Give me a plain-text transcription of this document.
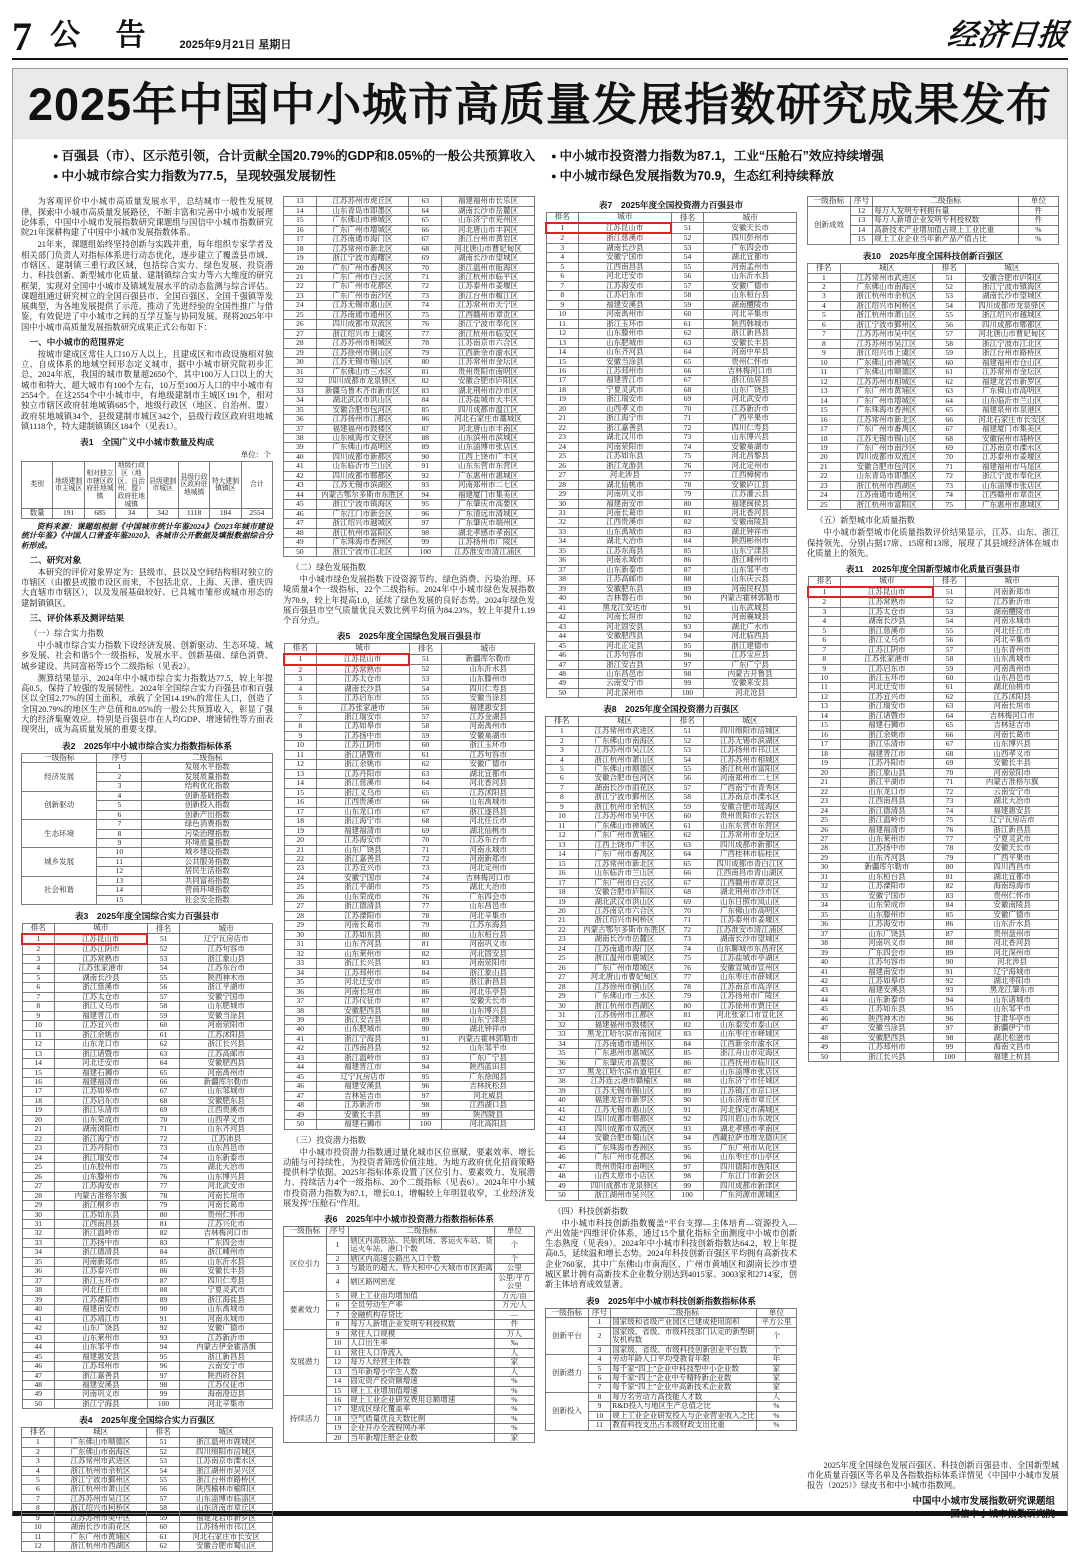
7 公 告 2025年9月21日 星期日	经济日报
2025年中国中小城市高质量发展指数研究成果发布
● 百强县（市）、区示范引领，合计贡献全国20.79%的GDP和8.05%的一般公共预算收入	● 中小城市投资潜力指数为87.1，工业“压舱石”效应持续增强
● 中小城市综合实力指数为77.5，呈现较强发展韧性	● 中小城市绿色发展指数为70.9，生态红利持续释放
为客观评价中小城市高质量发展水平，总结城市一般性发展规律，探索中小城市高质量发展路径，不断丰富和完善中小城市发展理论体系，中国中小城市发展指数研究课题组与国信中小城市指数研究院21年深耕构建了中国中小城市发展指数体系。
21年来，课题组始终坚持创新与实践并重，每年组织专家学者及相关部门负责人对指标体系进行动态优化，逐步建立了覆盖县市域、市辖区、建制镇三重行政区域，包括综合实力、绿色发展、投资潜力、科技创新、新型城市化质量、建制镇综合实力等六大维度的研究框架，实现对全国中小城市及镇域发展水平的动态监测与综合评估。课题组通过研究树立的全国百强县市、全国百强区、全国千强镇等发展典型，为各地发展提供了示范，推动了先进经验的全国性推广与借鉴，有效促进了中小城市之间的互学互鉴与协同发展。现将2025年中国中小城市高质量发展指数研究成果正式公布如下：
一、中小城市的范围界定
按城市建成区常住人口10万人以上，且建成区和市政设施相对独立、自成体系的地域空间形态定义城市，据中小城市研究院初步汇总，2024年底，我国的城市数量超2650个，其中100万人口以上的大城市和特大、超大城市有100个左右，10万至100万人口的中小城市有2554个。在这2554个中小城市中，有地级建制市主城区191个，相对独立市辖区政府驻地城镇685个，地级行政区（地区、自治州、盟）政府驻地城镇34个，县级建制市城区342个，县级行政区政府驻地城镇1118个，特大建制镇镇区184个（见表1）。
表1　全国广义中小城市数量及构成
单位：个
类别	地级建制市主城区	相对独立市辖区政府驻地城镇	地级行政区（地区、自治州、盟）政府驻地城镇	县级建制市城区	县级行政区政府驻地城镇	特大建制镇镇区	合计
数量	191	685	34	342	1118	184	2554
资料来源：课题组根据《中国城市统计年鉴2024》《2023年城市建设统计年鉴》《中国人口普查年鉴2020》、各城市公开数据及填报数据综合分析形成。
二、研究对象
本研究的评价对象界定为：县级市、县以及空间结构相对独立的市辖区（由撤县或撤市设区而来，不包括北京、上海、天津、重庆四大直辖市市辖区），以及发展基础较好、已具城市雏形或城市形态的建制镇镇区。
三、评价体系及测评结果
（一）综合实力指数
中小城市综合实力指数下设经济发展、创新驱动、生态环境、城乡发展、社会和谐5个一级指标，发展水平、创新基础、绿色消费、城乡建设、共同富裕等15个二级指标（见表2）。
测算结果显示，2024年中小城市综合实力指数达77.5，较上年提高0.5，保持了较强的发展韧性。2024年全国综合实力百强县市和百强区以全国2.77%的国土面积，承载了全国14.19%的常住人口，创造了全国20.79%的地区生产总值和8.05%的一般公共预算收入，彰显了强大的经济集聚效应。特别是百强县市在人均GDP、增速韧性等方面表现突出，成为高质量发展的重要支撑。
表2　2025年中小城市综合实力指数指标体系
一级指标	序号	二级指标
经济发展	1	发展水平指数
	2	发展质量指数
	3	结构优化指数
创新驱动	4	创新基础指数
	5	创新投入指数
	6	创新产出指数
生态环境	7	绿色消费指数
	8	污染治理指数
	9	环境质量指数
城乡发展	10	城乡建设指数
	11	公共服务指数
	12	居民生活指数
社会和谐	13	共同富裕指数
	14	营商环境指数
	15	社会安全指数
表3　2025年度全国综合实力百强县市
排名	城市	排名	城市
1	江苏昆山市	51	辽宁瓦房店市
2	江苏江阴市	52	江苏句容市
3	江苏常熟市	53	浙江象山县
4	江苏张家港市	54	江苏东台市
5	湖南长沙县	55	陕西神木市
6	浙江慈溪市	56	浙江平湖市
7	江苏太仓市	57	安徽宁国市
8	浙江义乌市	58	山东肥城市
9	福建晋江市	59	安徽当涂县
10	江苏宜兴市	60	河南荥阳市
11	浙江余姚市	61	江苏沭阳县
12	山东龙口市	62	浙江长兴县
13	浙江诸暨市	63	江苏高邮市
14	河北迁安市	64	安徽肥西县
15	福建石狮市	65	河南禹州市
16	福建福清市	66	新疆库尔勒市
17	江苏如皋市	67	山东邹城市
18	江苏启东市	68	安徽肥东县
19	浙江乐清市	69	江西贵溪市
20	山东荣成市	70	山西孝义市
21	湖南浏阳市	71	山东齐河县
22	浙江海宁市	72	江苏沛县
23	江苏丹阳市	73	山东昌邑市
24	浙江瑞安市	74	山东新泰市
25	山东胶州市	75	湖北大冶市
26	山东滕州市	76	山东博兴县
27	江苏海安市	77	河北武安市
28	内蒙古准格尔旗	78	河南长垣市
29	浙江桐乡市	79	河南长葛市
30	江苏如东县	80	贵州仁怀市
31	江西南昌县	81	江苏兴化市
32	浙江温岭市	82	吉林梅河口市
33	江苏扬中市	83	广东四会市
34	浙江德清县	84	浙江嵊州市
35	河南新郑市	85	山东沂水县
36	江苏泰兴市	86	安徽长丰县
37	浙江玉环市	87	四川仁寿县
38	河北任丘市	88	宁夏灵武市
39	江苏溧阳市	89	浙江海盐县
40	福建南安市	90	山东禹城市
41	江苏靖江市	91	河南永城市
42	山东广饶县	92	安徽广德市
43	山东莱州市	93	江苏新沂市
44	山东邹平市	94	内蒙古伊金霍洛旗
45	福建惠安县	95	浙江新昌县
46	江苏邳州市	96	云南安宁市
47	浙江嘉善县	97	陕西府谷县
48	福建安溪县	98	江苏仪征市
49	河南巩义市	99	海南澄迈县
50	浙江宁海县	100	河北辛集市
表4　2025年度全国综合实力百强区
排名	城区	排名	城区
1	广东佛山市顺德区	51	浙江温州市鹿城区
2	广东佛山市南海区	52	四川绵阳市涪城区
3	江苏常州市武进区	53	江苏南京市溧水区
4	浙江杭州市余杭区	54	浙江湖州市吴兴区
5	浙江宁波市鄞州区	55	浙江台州市路桥区
6	浙江杭州市萧山区	56	陕西榆林市榆阳区
7	江苏苏州市吴江区	57	山东淄博市临淄区
8	浙江绍兴市柯桥区	58	山东济南市章丘区
9	江苏苏州市吴中区	59	福建龙岩市新罗区
10	湖南长沙市雨花区	60	江苏扬州市邗江区
11	广东广州市黄埔区	61	河北石家庄市长安区
12	浙江杭州市西湖区	62	安徽合肥市蜀山区
13	江苏苏州市虎丘区	63	福建福州市长乐区
14	山东青岛市即墨区	64	湖南长沙市岳麓区
15	广东佛山市禅城区	65	山东济宁市兖州区
16	广东广州市增城区	66	河北唐山市丰润区
17	江苏南通市海门区	67	浙江台州市黄岩区
18	江苏常州市新北区	68	河北唐山市曹妃甸区
19	浙江宁波市海曙区	69	湖南长沙市望城区
20	广东广州市番禺区	70	浙江温州市瓯海区
21	广东广州市白云区	71	浙江杭州市临平区
22	广东广州市花都区	72	江苏泰州市姜堰区
23	广东广州市南沙区	73	浙江台州市椒江区
24	江苏无锡市惠山区	74	江苏常州市天宁区
25	江苏南通市通州区	75	江西赣州市章贡区
26	四川成都市双流区	76	浙江宁波市奉化区
27	浙江绍兴市上虞区	77	浙江杭州市临安区
28	江苏苏州市相城区	78	江苏南京市六合区
29	江苏徐州市铜山区	79	江西新余市渝水区
30	江苏无锡市锡山区	80	江苏常州市金坛区
31	广东佛山市三水区	81	贵州贵阳市南明区
32	四川成都市龙泉驿区	82	安徽合肥市庐阳区
33	新疆乌鲁木齐市新市区	83	湖北荆州市沙市区
34	湖北武汉市洪山区	84	江苏盐城市大丰区
35	安徽合肥市包河区	85	四川成都市温江区
36	江苏扬州市江都区	86	河北石家庄市藁城区
37	福建福州市鼓楼区	87	河北唐山市丰南区
38	山东威海市文登区	88	山东滨州市滨城区
39	广东佛山市高明区	89	山东淄博市张店区
40	四川成都市新都区	90	江西上饶市广丰区
41	山东临沂市兰山区	91	山东东营市东营区
42	四川成都市郫都区	92	广东惠州市惠城区
43	江苏无锡市滨湖区	93	河南郑州市二七区
44	内蒙古鄂尔多斯市东胜区	94	福建厦门市集美区
45	浙江宁波市镇海区	95	广东肇庆市高要区
46	广东江门市新会区	96	广东清远市清城区
47	浙江绍兴市越城区	97	广东肇庆市端州区
48	浙江杭州市富阳区	98	湖北孝感市孝南区
49	广东珠海市香洲区	99	江苏扬州市广陵区
50	浙江宁波市江北区	100	江苏淮安市清江浦区
（二）绿色发展指数
中小城市绿色发展指数下设资源节约、绿色消费、污染治理、环境质量4个一级指标，22个二级指标。2024年中小城市绿色发展指数为70.9，较上年提高1.0，延续了绿色发展的良好态势。2024年绿色发展百强县市空气质量优良天数比例平均值为84.23%，较上年提升1.19个百分点。
表5　2025年度全国绿色发展百强县市
排名	城市	排名	城市
1	江苏昆山市	51	新疆库尔勒市
2	江苏常熟市	52	山东沂水县
3	江苏太仓市	53	山东滕州市
4	湖南长沙县	54	四川仁寿县
5	江苏启东市	55	安徽当涂县
6	江苏张家港市	56	福建惠安县
7	浙江瑞安市	57	江苏金湖县
8	江苏如皋市	58	河南禹州市
9	江苏扬中市	59	安徽巢湖市
10	江苏江阴市	60	浙江玉环市
11	浙江诸暨市	61	江苏句容市
12	浙江余姚市	62	安徽广德市
13	江苏丹阳市	63	湖北宜都市
14	浙江慈溪市	64	河北香河县
15	浙江义乌市	65	江苏沭阳县
16	江西贵溪市	66	山东禹城市
17	山东龙口市	67	浙江遂昌县
18	浙江海宁市	68	河北任丘市
19	福建福清市	69	湖北仙桃市
20	江苏海安市	70	江苏东台市
21	山东广饶县	71	河南永城市
22	浙江嘉善县	72	河南新郑市
23	江苏宜兴市	73	河北定州市
24	安徽宁国市	74	吉林梅河口市
25	浙江平湖市	75	湖北大冶市
26	山东荣成市	76	广东四会市
27	浙江德清县	77	山东昌邑市
28	江苏溧阳市	78	河北辛集市
29	河南长葛市	79	江苏东海县
30	江苏如东县	80	山东桓台县
31	山东齐河县	81	河南巩义市
32	山东莱州市	82	河北固安县
33	浙江长兴县	83	河南荥阳市
34	江苏邳州市	84	浙江象山县
35	河北迁安市	85	浙江新昌县
36	河南长垣市	86	河北乐亭县
37	江苏仪征市	87	安徽天长市
38	安徽肥西县	88	山东博兴县
39	浙江安吉县	89	山东宁津县
40	山东肥城市	90	湖北钟祥市
41	浙江宁海县	91	内蒙古霍林郭勒市
42	江西南昌县	92	山东邹平市
43	浙江温岭市	93	广东广宁县
44	福建晋江市	94	陕西蓝田县
45	辽宁瓦房店市	95	广东徐闻县
46	福建安溪县	96	吉林抚松县
47	吉林延吉市	97	河北威县
48	江苏新沂市	98	江西湖口县
49	安徽长丰县	99	陕西陇县
50	福建石狮市	100	河北高阳县
（三）投资潜力指数
中小城市投资潜力指数通过量化城市区位禀赋、要素效率、增长动能与可持续性，为投资者筛选价值洼地、为地方政府优化招商策略提供科学依据。2025年指标体系设置了区位引力、要素效力、发展潜力、持续活力4个一级指标、20个二级指标（见表6）。2024年中小城市投资潜力指数为87.1，增长0.1，增幅较上年明显收窄，工业经济发展发挥“压舱石”作用。
表6　2025年中小城市投资潜力指数指标体系
一级指标	序号	二级指标	单位
区位引力	1	辖区内高铁站、民航机场、客运火车站、货运火车站、港口个数	个
	2	辖区内高速公路出入口个数	个
	3	与最近的超大、特大和中心大城市市区距离	公里
	4	辖区路网密度	公里/平方公里
要素效力	5	规上工业亩均增加值	万元/亩
	6	全员劳动生产率	万元/人
	7	金融机构存贷比	—
	8	每万人新增企业发明专利授权数	件
发展潜力	9	常住人口规模	万人
	10	人口出生率	‰
	11	常住人口净流入	人
	12	每万人经营主体数	家
	13	当年新增小学生人数	人
	14	固定资产投资额增速	%
	15	规上工业增加值增速	%
持续活力	16	规上工业企业研发费用总额增速	%
	17	建成区绿化覆盖率	%
	18	空气质量优良天数比例	%
	19	企业开办全流程网办率	%
	20	当年新增注册企业数	家
表7　2025年度全国投资潜力百强县市
排名	城市	排名	城市
1	江苏昆山市	51	安徽天长市
2	浙江慈溪市	52	四川彭州市
3	湖南长沙县	53	广东四会市
4	安徽宁国市	54	湖北宜都市
5	江西南昌县	55	河南孟州市
6	河北迁安市	56	山东沂水县
7	江苏海安市	57	安徽广德市
8	江苏启东市	58	山东桓台县
9	福建安溪县	59	湖南醴陵市
10	河南禹州市	60	河北辛集市
11	浙江玉环市	61	陕西韩城市
12	山东滕州市	62	浙江新昌县
13	山东肥城市	63	安徽长丰县
14	山东齐河县	64	河南中牟县
15	安徽当涂县	65	贵州仁怀市
16	江苏邳州市	66	吉林梅河口市
17	福建晋江市	67	浙江仙居县
18	宁夏灵武市	68	山东广饶县
19	浙江瑞安市	69	河北武安市
20	山西孝义市	70	江苏新沂市
21	浙江海宁市	71	广西平果市
22	浙江嘉善县	72	四川仁寿县
23	湖北汉川市	73	山东博兴县
24	河南荥阳市	74	安徽巢湖市
25	江苏如东县	75	河北昌黎县
26	浙江龙游县	76	河北定州市
27	河北涉县	77	江西樟树市
28	湖北仙桃市	78	安徽庐江县
29	河南巩义市	79	江苏灌云县
30	福建南安市	80	福建闽侯县
31	河南长葛市	81	河北香河县
32	江西贵溪市	82	安徽南陵县
33	山东禹城市	83	湖北钟祥市
34	湖北大冶市	84	陕西彬州市
35	江苏东海县	85	山东宁津县
36	河南永城市	86	浙江嵊州市
37	山东新泰市	87	山东邹平市
38	江苏高邮市	88	山东庆云县
39	安徽肥东县	89	河南民权县
40	吉林磐石市	90	内蒙古霍林郭勒市
41	黑龙江安达市	91	山东武城县
42	河南长垣市	92	河南襄城县
43	河北固安县	93	湖北广水市
44	安徽肥西县	94	河北临西县
45	河北正定县	95	浙江建德市
46	江苏句容市	96	江苏宝应县
47	浙江安吉县	97	广东广宁县
48	山东昌邑市	98	内蒙古开鲁县
49	云南安宁市	99	安徽来安县
50	河北深州市	100	河北沧县
表8　2025年度全国投资潜力百强区
排名	城区	排名	城区
1	江苏常州市武进区	51	四川绵阳市涪城区
2	广东佛山市南海区	52	江苏无锡市滨湖区
3	江苏苏州市吴江区	53	江苏扬州市邗江区
4	浙江杭州市萧山区	54	江苏苏州市相城区
5	广东佛山市顺德区	55	浙江杭州市富阳区
6	安徽合肥市包河区	56	河南郑州市二七区
7	湖南长沙市雨花区	57	广西南宁市青秀区
8	浙江宁波市鄞州区	58	江苏南京市溧水区
9	浙江杭州市余杭区	59	安徽合肥市瑶海区
10	江苏苏州市吴中区	60	贵州贵阳市云岩区
11	广东佛山市禅城区	61	山东东营市东营区
12	广东广州市黄埔区	62	江苏常州市金坛区
13	江西上饶市广丰区	63	四川成都市新都区
14	广东广州市番禺区	64	广西桂林市临桂区
15	江苏常州市新北区	65	四川成都市青白江区
16	山东临沂市兰山区	66	江西南昌市青山湖区
17	广东广州市白云区	67	江西赣州市章贡区
18	安徽合肥市庐阳区	68	湖北荆州市沙市区
19	湖北武汉市洪山区	69	山东日照市岚山区
20	江苏南京市六合区	70	广东佛山市高明区
21	浙江绍兴市柯桥区	71	江苏泰州市姜堰区
22	内蒙古鄂尔多斯市东胜区	72	江苏淮安市清江浦区
23	湖南长沙市岳麓区	73	湖南长沙市望城区
24	江苏南通市海门区	74	山东聊城市东昌府区
25	浙江温州市鹿城区	75	江苏盐城市亭湖区
26	广东广州市增城区	76	安徽宣城市宣州区
27	河北唐山市曹妃甸区	77	山东枣庄市薛城区
28	江苏徐州市铜山区	78	江苏南京市高淳区
29	广东佛山市三水区	79	江苏扬州市广陵区
30	浙江杭州市西湖区	80	江苏徐州市贾汪区
31	江苏扬州市江都区	81	河北张家口市宣化区
32	福建福州市鼓楼区	82	山东泰安市泰山区
33	黑龙江哈尔滨市南岗区	83	山东枣庄市峄城区
34	江苏南通市通州区	84	江西新余市渝水区
35	广东惠州市惠城区	85	浙江舟山市定海区
36	广东肇庆市高要区	86	江西抚州市临川区
37	黑龙江哈尔滨市道里区	87	山东淄博市张店区
38	江苏连云港市赣榆区	88	山东济宁市任城区
39	江苏无锡市锡山区	89	江苏镇江市京口区
40	福建龙岩市新罗区	90	山东济南市章丘区
41	江苏无锡市惠山区	91	河北保定市满城区
42	四川成都市郫都区	92	四川眉山市东坡区
43	四川成都市双流区	93	湖北孝感市孝南区
44	安徽合肥市蜀山区	94	西藏拉萨市堆龙德庆区
45	广东珠海市香洲区	95	广东广州市从化区
46	广东广州市花都区	96	山东枣庄市山亭区
47	贵州贵阳市南明区	97	四川德阳市旌阳区
48	山西太原市小店区	98	广东江门市新会区
49	四川成都市龙泉驿区	99	四川成都市新津区
50	浙江湖州市吴兴区	100	广东河源市源城区
（四）科技创新指数
中小城市科技创新指数覆盖“平台支撑—主体培育—资源投入—产出效能”四维评价体系，通过15个量化指标全面测度中小城市创新生态熟度（见表9）。2024年中小城市科技创新指数达64.2，较上年提高0.5，延续温和增长态势。2024年科技创新百强区平均拥有高新技术企业760家，其中广东佛山市南海区、广州市黄埔区和湖南长沙市望城区累计拥有高新技术企业数分别达到4015家、3003家和2714家，创新主体培育成效显著。
表9　2025年中小城市科技创新指数指标体系
一级指标	序号	二级指标	单位
创新平台	1	国家级和省级产业园区已建成使用面积	平方公里
	2	国家级、省级、市级科技部门认定的新型研发机构数	个
	3	国家级、省级、市级科技创新创业平台数	个
创新潜力	4	劳动年龄人口平均受教育年限	年
	5	每千家“四上”企业中科技型中小企业数	家
	6	每千家“四上”企业中专精特新企业数	家
	7	每千家“四上”企业中高新技术企业数	家
创新投入	8	每万名劳动力高技能人才数	人
	9	R&D投入与地区生产总值之比	%
	10	规上工业企业研发投入与企业营业收入之比	%
	11	教育科技支出占本级财政支出比重	%
一级指标	序号	二级指标	单位
创新成效	12	每万人发明专利拥有量	件
	13	每万人新增企业发明专利授权数	件
	14	高新技术产业增加值占规上工业比重	%
	15	规上工业企业当年新产品产值占比	%
表10　2025年度全国科技创新百强区
排名	城区	排名	城区
1	江苏常州市武进区	51	安徽合肥市庐阳区
2	广东佛山市南海区	52	浙江宁波市镇海区
3	浙江杭州市余杭区	53	湖南长沙市望城区
4	浙江绍兴市柯桥区	54	四川成都市龙泉驿区
5	浙江杭州市萧山区	55	浙江绍兴市越城区
6	浙江宁波市鄞州区	56	四川成都市郫都区
7	江苏苏州市吴中区	57	河北唐山市曹妃甸区
8	江苏苏州市吴江区	58	浙江宁波市江北区
9	浙江绍兴市上虞区	59	浙江台州市路桥区
10	广东佛山市禅城区	60	福建福州市仓山区
11	广东佛山市顺德区	61	江苏常州市金坛区
12	江苏苏州市相城区	62	福建龙岩市新罗区
13	广东广州市黄埔区	63	广东佛山市高明区
14	广东广州市增城区	64	山东临沂市兰山区
15	广东珠海市香洲区	65	福建泉州市泉港区
16	江苏常州市新北区	66	河北石家庄市长安区
17	广东广州市番禺区	67	福建厦门市集美区
18	江苏无锡市锡山区	68	安徽宿州市埇桥区
19	广东广州市南沙区	69	江苏南京市溧水区
20	四川成都市双流区	70	江苏泰州市姜堰区
21	安徽合肥市包河区	71	福建福州市马尾区
22	山东青岛市即墨区	72	浙江宁波市奉化区
23	浙江杭州市西湖区	73	山东淄博市张店区
24	江苏南通市通州区	74	江西赣州市章贡区
25	浙江杭州市富阳区	75	广东惠州市惠城区
（五）新型城市化质量指数
中小城市新型城市化质量指数评价结果显示，江苏、山东、浙江保持领先，分别占据17席、15席和13席，展现了其县域经济体在城市化质量上的领先。
表11　2025年度全国新型城市化质量百强县市
排名	城市	排名	城市
1	江苏昆山市	51	河南新郑市
2	江苏常熟市	52	江苏新沂市
3	江苏太仓市	53	湖南醴陵市
4	湖南长沙县	54	河南永城市
5	浙江慈溪市	55	河北任丘市
6	浙江义乌市	56	河北辛集市
7	江苏江阴市	57	山东青州市
8	江苏张家港市	58	山东禹城市
9	江苏启东市	59	河南禹州市
10	浙江玉环市	60	山东昌邑市
11	河北迁安市	61	湖北仙桃市
12	江苏宜兴市	62	江苏沭阳县
13	浙江瑞安市	63	河南长垣市
14	浙江诸暨市	64	吉林梅河口市
15	福建石狮市	65	吉林延吉市
16	浙江余姚市	66	河南长葛市
17	浙江乐清市	67	山东博兴县
18	福建晋江市	68	山西孝义市
19	江苏丹阳市	69	安徽长丰县
20	浙江象山县	70	河南荥阳市
21	浙江平湖市	71	内蒙古准格尔旗
22	山东龙口市	72	云南安宁市
23	江西南昌县	73	湖北大冶市
24	浙江德清县	74	福建惠安县
25	浙江温岭市	75	辽宁瓦房店市
26	福建福清市	76	浙江新昌县
27	山东莱州市	77	宁夏灵武市
28	江苏扬中市	78	安徽天长市
29	山东齐河县	79	广西平果市
30	新疆库尔勒市	80	四川西昌市
31	山东桓台县	81	湖北宜都市
32	江苏溧阳市	82	海南琼海市
33	安徽宁国市	83	贵州仁怀市
34	山东荣成市	84	安徽南陵县
35	山东滕州市	85	安徽广德市
36	江苏海安市	86	山东沂水县
37	山东广饶县	87	贵州盘州市
38	河南巩义市	88	河北香河县
39	广东四会市	89	河北深州市
40	江苏句容市	90	河北涉县
41	福建南安市	91	辽宁海城市
42	江苏如皋市	92	湖北枣阳市
43	福建安溪县	93	黑龙江肇东市
44	山东新泰市	94	山东诸城市
45	江苏如东县	95	山东邹平市
46	陕西神木市	96	甘肃华亭市
47	安徽当涂县	97	新疆伊宁市
48	安徽肥西县	98	湖北松滋市
49	江苏邳州市	99	海南文昌市
50	浙江长兴县	100	福建上杭县
2025年度全国绿色发展百强区、科技创新百强县市、全国新型城市化质量百强区等名单及各指数指标体系详情见《中国中小城市发展报告（2025）》绿皮书和中小城市指数网。
中国中小城市发展指数研究课题组
国信中小城市指数研究院
